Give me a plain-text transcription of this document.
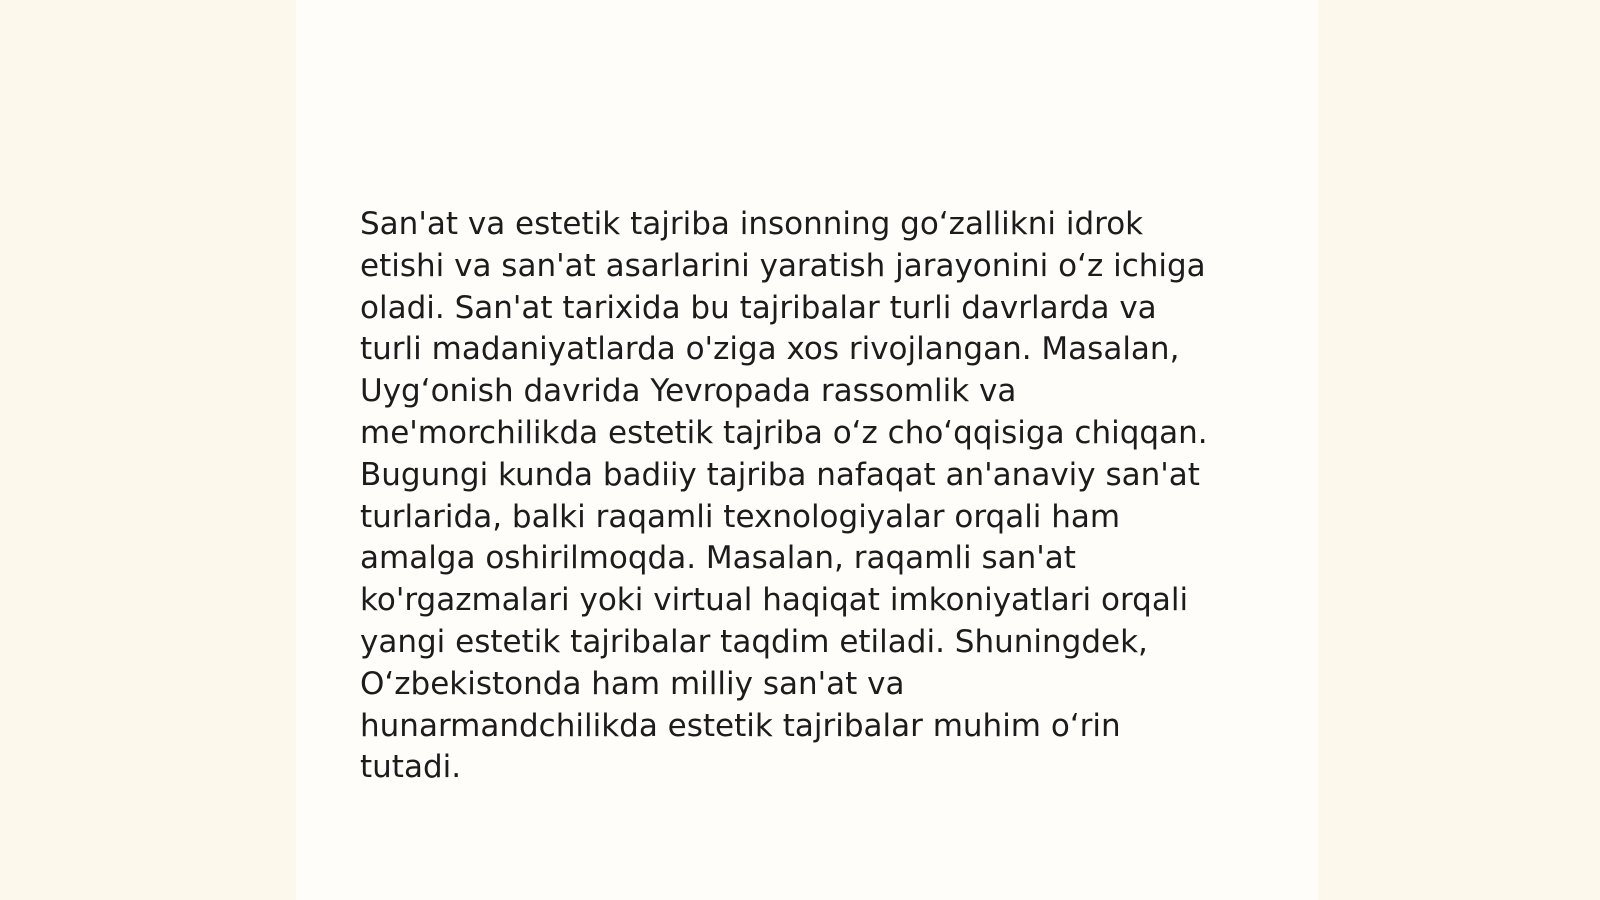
San'at va estetik tajriba insonning go‘zallikni idrok
etishi va san'at asarlarini yaratish jarayonini o‘z ichiga
oladi. San'at tarixida bu tajribalar turli davrlarda va
turli madaniyatlarda o'ziga xos rivojlangan. Masalan,
Uyg‘onish davrida Yevropada rassomlik va
me'morchilikda estetik tajriba o‘z cho‘qqisiga chiqqan.
Bugungi kunda badiiy tajriba nafaqat an'anaviy san'at
turlarida, balki raqamli texnologiyalar orqali ham
amalga oshirilmoqda. Masalan, raqamli san'at
ko'rgazmalari yoki virtual haqiqat imkoniyatlari orqali
yangi estetik tajribalar taqdim etiladi. Shuningdek,
O‘zbekistonda ham milliy san'at va
hunarmandchilikda estetik tajribalar muhim o‘rin
tutadi.
